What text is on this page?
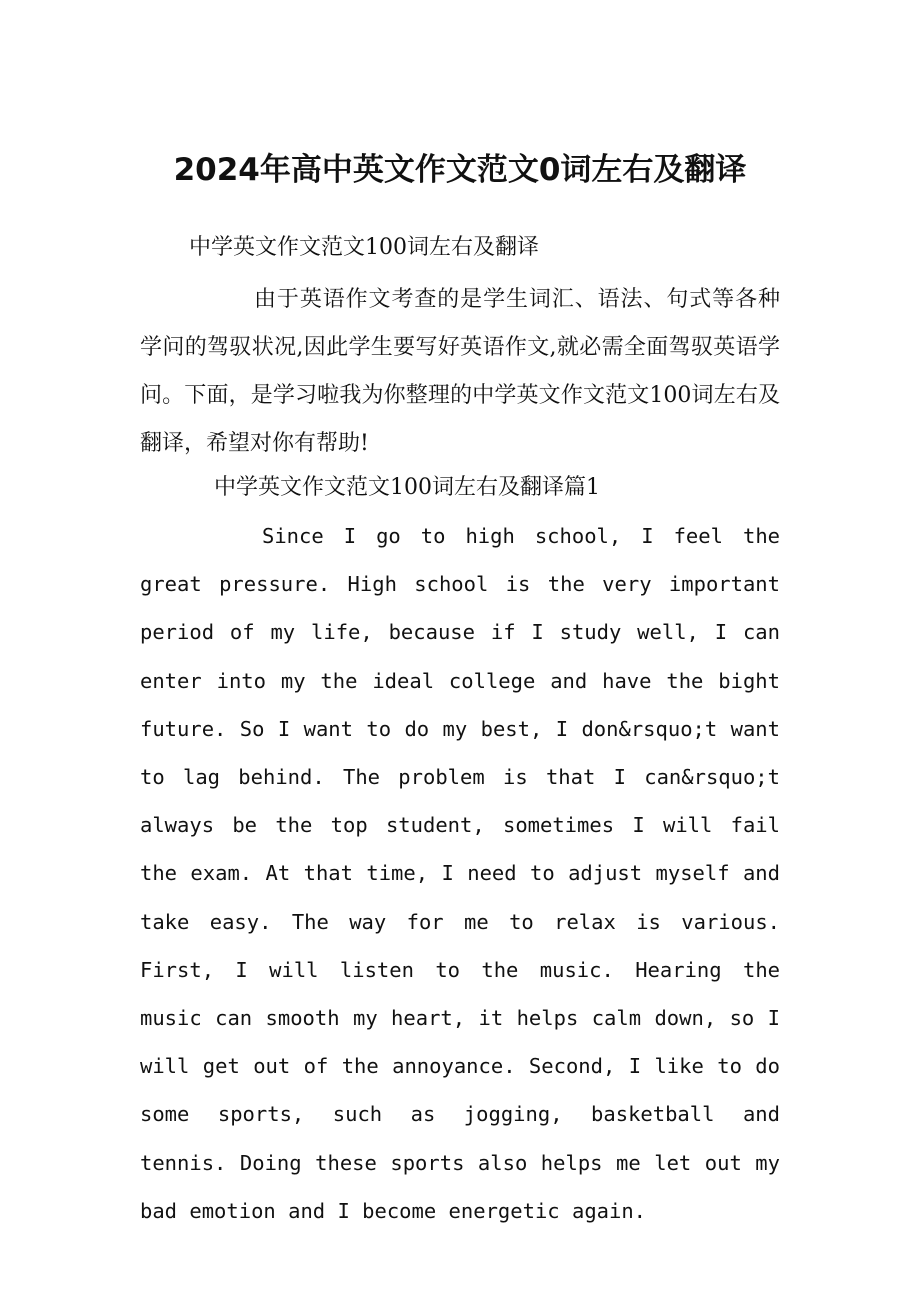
2024年高中英文作文范文0词左右及翻译

中学英文作文范文100词左右及翻译

由于英语作文考查的是学生词汇、语法、句式等各种学问的驾驭状况,因此学生要写好英语作文,就必需全面驾驭英语学问。下面，是学习啦我为你整理的中学英文作文范文100词左右及翻译，希望对你有帮助!

中学英文作文范文100词左右及翻译篇1

Since I go to high school, I feel the great pressure. High school is the very important period of my life, because if I study well, I can enter into my the ideal college and have the bight future. So I want to do my best, I don&rsquo;t want to lag behind. The problem is that I can&rsquo;t always be the top student, sometimes I will fail the exam. At that time, I need to adjust myself and take easy. The way for me to relax is various. First, I will listen to the music. Hearing the music can smooth my heart, it helps calm down, so I will get out of the annoyance. Second, I like to do some sports, such as jogging, basketball and tennis. Doing these sports also helps me let out my bad emotion and I become energetic again.
